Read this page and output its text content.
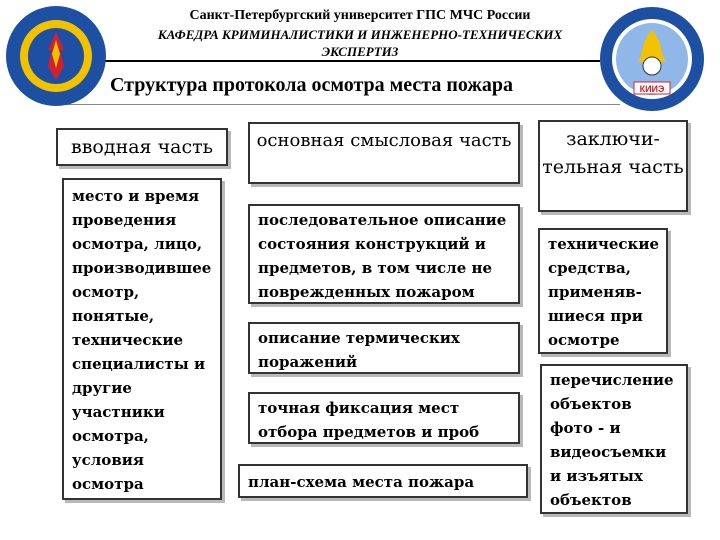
Санкт-Петербургский университет ГПС МЧС России
КАФЕДРА КРИМИНАЛИСТИКИ И ИНЖЕНЕРНО-ТЕХНИЧЕСКИХ ЭКСПЕРТИЗ
Структура протокола осмотра места пожара	КИИЭ
вводная часть
место и время проведения осмотра, лицо, производившее осмотр, понятые, технические специалисты и другие участники осмотра, условия осмотра
основная смысловая часть
последовательное описание состояния конструкций и предметов, в том числе не поврежденных пожаром
описание термических поражений
точная фиксация мест отбора предметов и проб
план-схема места пожара
заключи-тельная часть
технические средства, применяв-шиеся при осмотре
перечисление объектов фото - и видеосъемки и изъятых объектов
